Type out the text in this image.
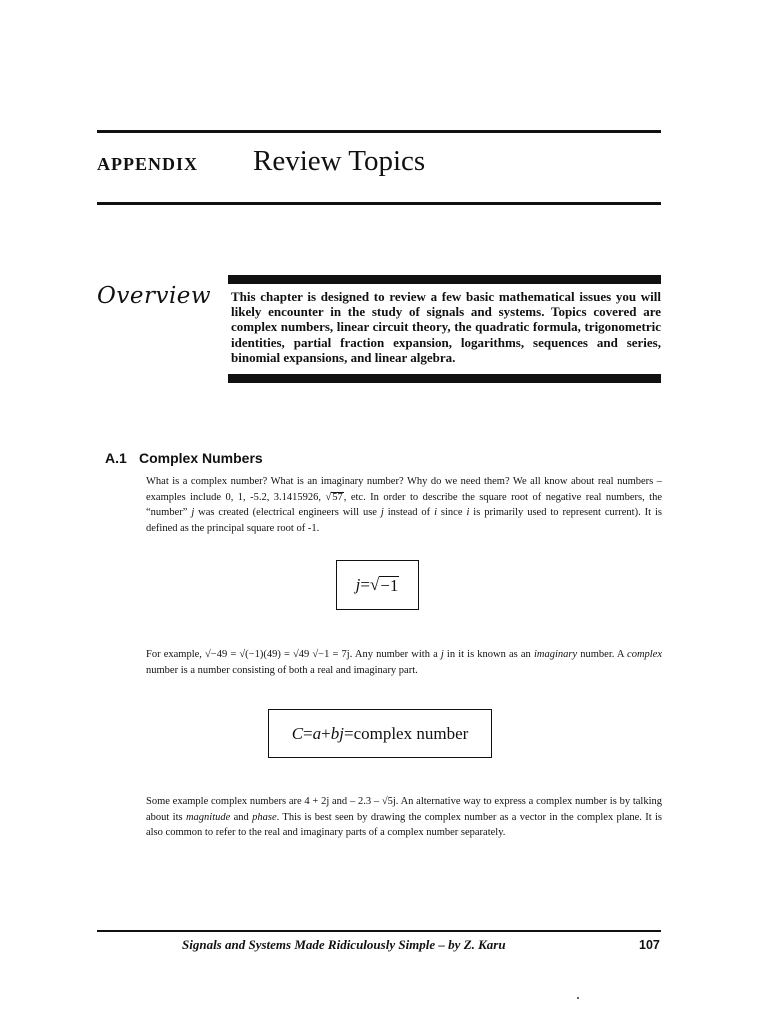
APPENDIX Review Topics
Overview This chapter is designed to review a few basic mathematical issues you will likely encounter in the study of signals and systems. Topics covered are complex numbers, linear circuit theory, the quadratic formula, trigonometric identities, partial fraction expansion, logarithms, sequences and series, binomial expansions, and linear algebra.
A.1 Complex Numbers
What is a complex number? What is an imaginary number? Why do we need them? We all know about real numbers – examples include 0, 1, -5.2, 3.1415926, √57, etc. In order to describe the square root of negative real numbers, the “number” j was created (electrical engineers will use j instead of i since i is primarily used to represent current). It is defined as the principal square root of -1.
j = √ −1
For example, √−49 = √(−1)(49) = √49 √−1 = 7j. Any number with a j in it is known as an imaginary number. A complex number is a number consisting of both a real and imaginary part.
C = a + bj = complex number
Some example complex numbers are 4 + 2j and – 2.3 – √5j. An alternative way to express a complex number is by talking about its magnitude and phase. This is best seen by drawing the complex number as a vector in the complex plane. It is also common to refer to the real and imaginary parts of a complex number separately.
Signals and Systems Made Ridiculously Simple – by Z. Karu	107
